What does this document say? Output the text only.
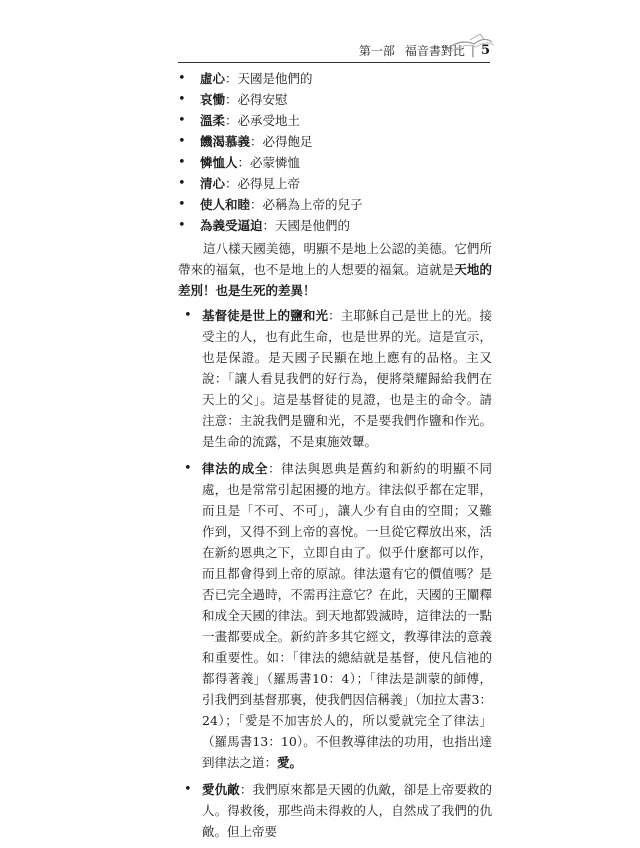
第一部 福音書對比 | 5
• 虛心：天國是他們的
• 哀慟：必得安慰
• 溫柔：必承受地土
• 饑渴慕義：必得飽足
• 憐恤人：必蒙憐恤
• 清心：必得見上帝
• 使人和睦：必稱為上帝的兒子
• 為義受逼迫：天國是他們的

這八樣天國美德，明顯不是地上公認的美德。它們所帶來的福氣，也不是地上的人想要的福氣。這就是天地的差別！也是生死的差異！

• 基督徒是世上的鹽和光：主耶穌自己是世上的光。接受主的人，也有此生命，也是世界的光。這是宣示，也是保證。是天國子民顯在地上應有的品格。主又說：「讓人看見我們的好行為，便將榮耀歸給我們在天上的父」。這是基督徒的見證，也是主的命令。請注意：主說我們是鹽和光，不是要我們作鹽和作光。是生命的流露，不是東施效顰。
• 律法的成全：律法與恩典是舊約和新約的明顯不同處，也是常常引起困擾的地方。律法似乎都在定罪，而且是「不可、不可」，讓人少有自由的空間；又難作到，又得不到上帝的喜悅。一旦從它釋放出來，活在新約恩典之下，立即自由了。似乎什麼都可以作，而且都會得到上帝的原諒。律法還有它的價值嗎？是否已完全過時，不需再注意它？在此，天國的王闡釋和成全天國的律法。到天地都毀滅時，這律法的一點一畫都要成全。新約許多其它經文，教導律法的意義和重要性。如：「律法的總結就是基督，使凡信祂的都得著義」（羅馬書10：4）；「律法是訓蒙的師傅，引我們到基督那裏，使我們因信稱義」（加拉太書3：24）；「愛是不加害於人的，所以愛就完全了律法」（羅馬書13：10）。不但教導律法的功用，也指出達到律法之道：愛。
• 愛仇敵：我們原來都是天國的仇敵，卻是上帝要救的人。得救後，那些尚未得救的人，自然成了我們的仇敵。但上帝要
